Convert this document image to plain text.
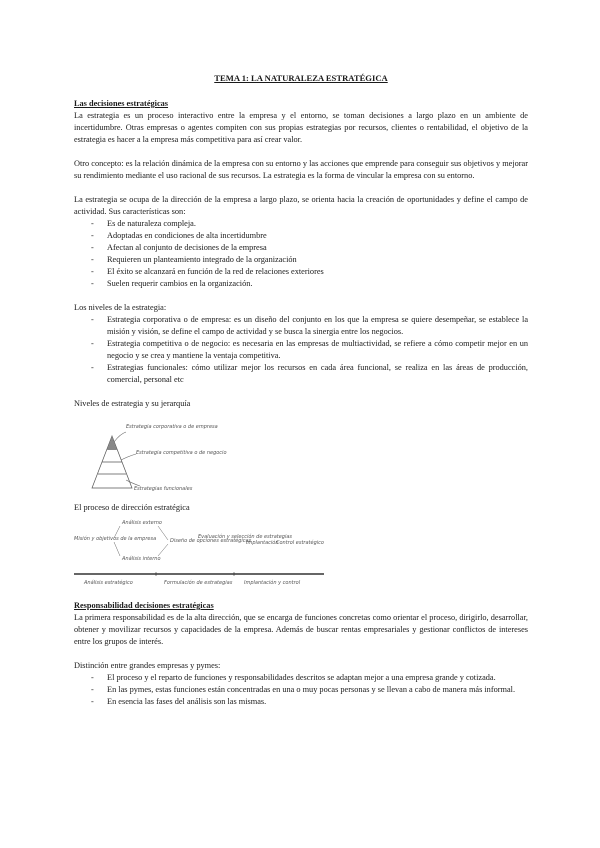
TEMA 1: LA NATURALEZA ESTRATÉGICA
Las decisiones estratégicas

La estrategia es un proceso interactivo entre la empresa y el entorno, se toman decisiones a largo plazo en un ambiente de incertidumbre. Otras empresas o agentes compiten con sus propias estrategias por recursos, clientes o rentabilidad, el objetivo de la estrategia es hacer a la empresa más competitiva para así crear valor.

Otro concepto: es la relación dinámica de la empresa con su entorno y las acciones que emprende para conseguir sus objetivos y mejorar su rendimiento mediante el uso racional de sus recursos. La estrategia es la forma de vincular la empresa con su entorno.

La estrategia se ocupa de la dirección de la empresa a largo plazo, se orienta hacia la creación de oportunidades y define el campo de actividad. Sus características son:

- Es de naturaleza compleja.
- Adoptadas en condiciones de alta incertidumbre
- Afectan al conjunto de decisiones de la empresa
- Requieren un planteamiento integrado de la organización
- El éxito se alcanzará en función de la red de relaciones exteriores
- Suelen requerir cambios en la organización.

Los niveles de la estrategia:

- Estrategia corporativa o de empresa: es un diseño del conjunto en los que la empresa se quiere desempeñar, se establece la misión y visión, se define el campo de actividad y se busca la sinergia entre los negocios.
- Estrategia competitiva o de negocio: es necesaria en las empresas de multiactividad, se refiere a cómo competir mejor en un negocio y se crea y mantiene la ventaja competitiva.
- Estrategias funcionales: cómo utilizar mejor los recursos en cada área funcional, se realiza en las áreas de producción, comercial, personal etc

Niveles de estrategia y su jerarquía

Estrategia corporativa o de empresa
Estrategia competitiva o de negocio
Estrategias funcionales

El proceso de dirección estratégica

Misión y objetivos de la empresa
Análisis externo
Análisis interno
Diseño de opciones estratégicas
Evaluación y selección de estrategias
Implantación
Control estratégico
Análisis estratégico	Formulación de estrategias Implantación y control
Responsabilidad decisiones estratégicas

La primera responsabilidad es de la alta dirección, que se encarga de funciones concretas como orientar el proceso, dirigirlo, desarrollar, obtener y movilizar recursos y capacidades de la empresa. Además de buscar rentas empresariales y gestionar conflictos de intereses entre los grupos de interés.

Distinción entre grandes empresas y pymes:

- El proceso y el reparto de funciones y responsabilidades descritos se adaptan mejor a una empresa grande y cotizada.
- En las pymes, estas funciones están concentradas en una o muy pocas personas y se llevan a cabo de manera más informal.
- En esencia las fases del análisis son las mismas.
